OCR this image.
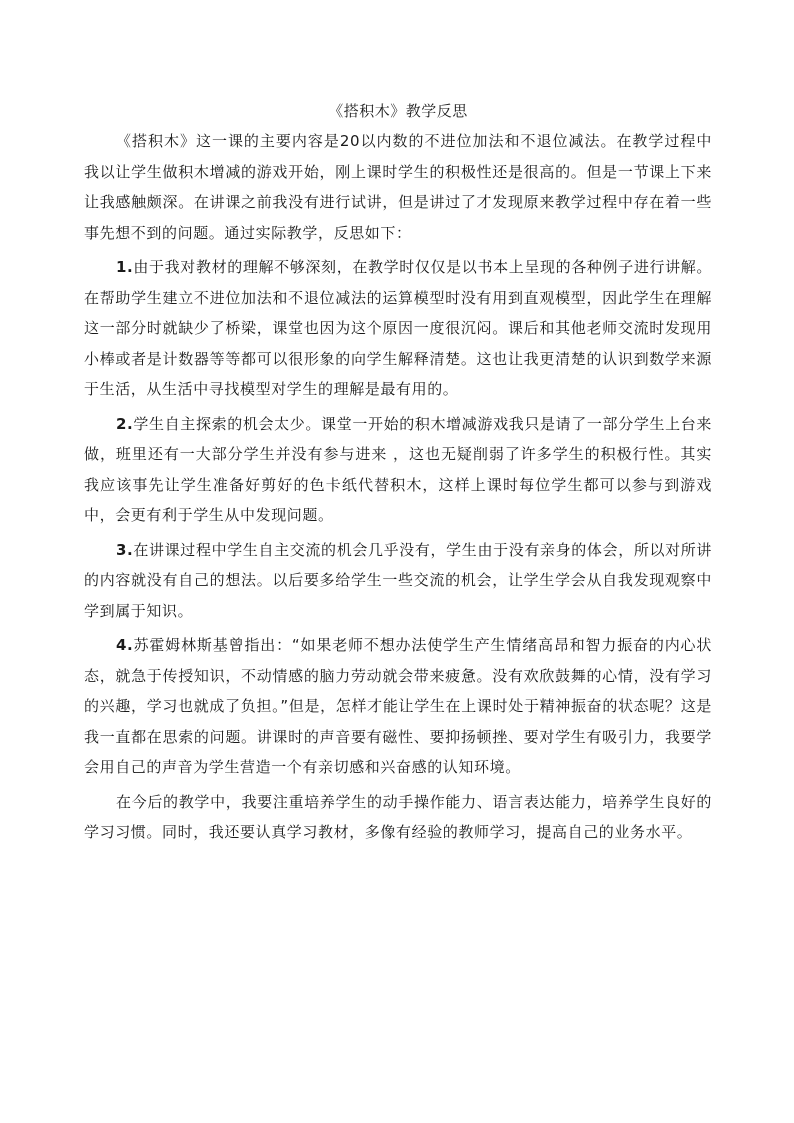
《搭积木》教学反思

《搭积木》这一课的主要内容是20以内数的不进位加法和不退位减法。在教学过程中我以让学生做积木增减的游戏开始，刚上课时学生的积极性还是很高的。但是一节课上下来让我感触颇深。在讲课之前我没有进行试讲，但是讲过了才发现原来教学过程中存在着一些事先想不到的问题。通过实际教学，反思如下：

1.由于我对教材的理解不够深刻，在教学时仅仅是以书本上呈现的各种例子进行讲解。在帮助学生建立不进位加法和不退位减法的运算模型时没有用到直观模型，因此学生在理解这一部分时就缺少了桥梁，课堂也因为这个原因一度很沉闷。课后和其他老师交流时发现用小棒或者是计数器等等都可以很形象的向学生解释清楚。这也让我更清楚的认识到数学来源于生活，从生活中寻找模型对学生的理解是最有用的。

2.学生自主探索的机会太少。课堂一开始的积木增减游戏我只是请了一部分学生上台来做，班里还有一大部分学生并没有参与进来 ，这也无疑削弱了许多学生的积极行性。其实我应该事先让学生准备好剪好的色卡纸代替积木，这样上课时每位学生都可以参与到游戏中，会更有利于学生从中发现问题。

3.在讲课过程中学生自主交流的机会几乎没有，学生由于没有亲身的体会，所以对所讲的内容就没有自己的想法。以后要多给学生一些交流的机会，让学生学会从自我发现观察中学到属于知识。

4.苏霍姆林斯基曾指出：“如果老师不想办法使学生产生情绪高昂和智力振奋的内心状态，就急于传授知识，不动情感的脑力劳动就会带来疲惫。没有欢欣鼓舞的心情，没有学习的兴趣，学习也就成了负担。”但是，怎样才能让学生在上课时处于精神振奋的状态呢？这是我一直都在思索的问题。讲课时的声音要有磁性、要抑扬顿挫、要对学生有吸引力，我要学会用自己的声音为学生营造一个有亲切感和兴奋感的认知环境。

在今后的教学中，我要注重培养学生的动手操作能力、语言表达能力，培养学生良好的学习习惯。同时，我还要认真学习教材，多像有经验的教师学习，提高自己的业务水平。
